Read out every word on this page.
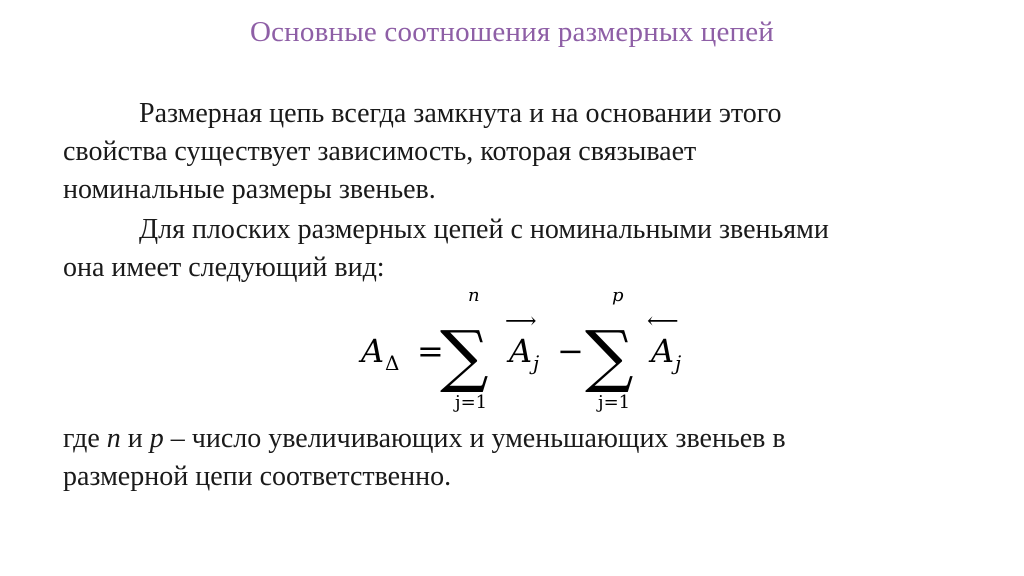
Основные соотношения размерных цепей
Размерная цепь всегда замкнута и на основании этого
свойства существует зависимость, которая связывает
номинальные размеры звеньев.
Для плоских размерных цепей с номинальными звеньями
она имеет следующий вид:
A Δ =
n
∑
j=1
⟶
A j −
p
∑
j=1
⟵
A j
где n и p – число увеличивающих и уменьшающих звеньев в
размерной цепи соответственно.
